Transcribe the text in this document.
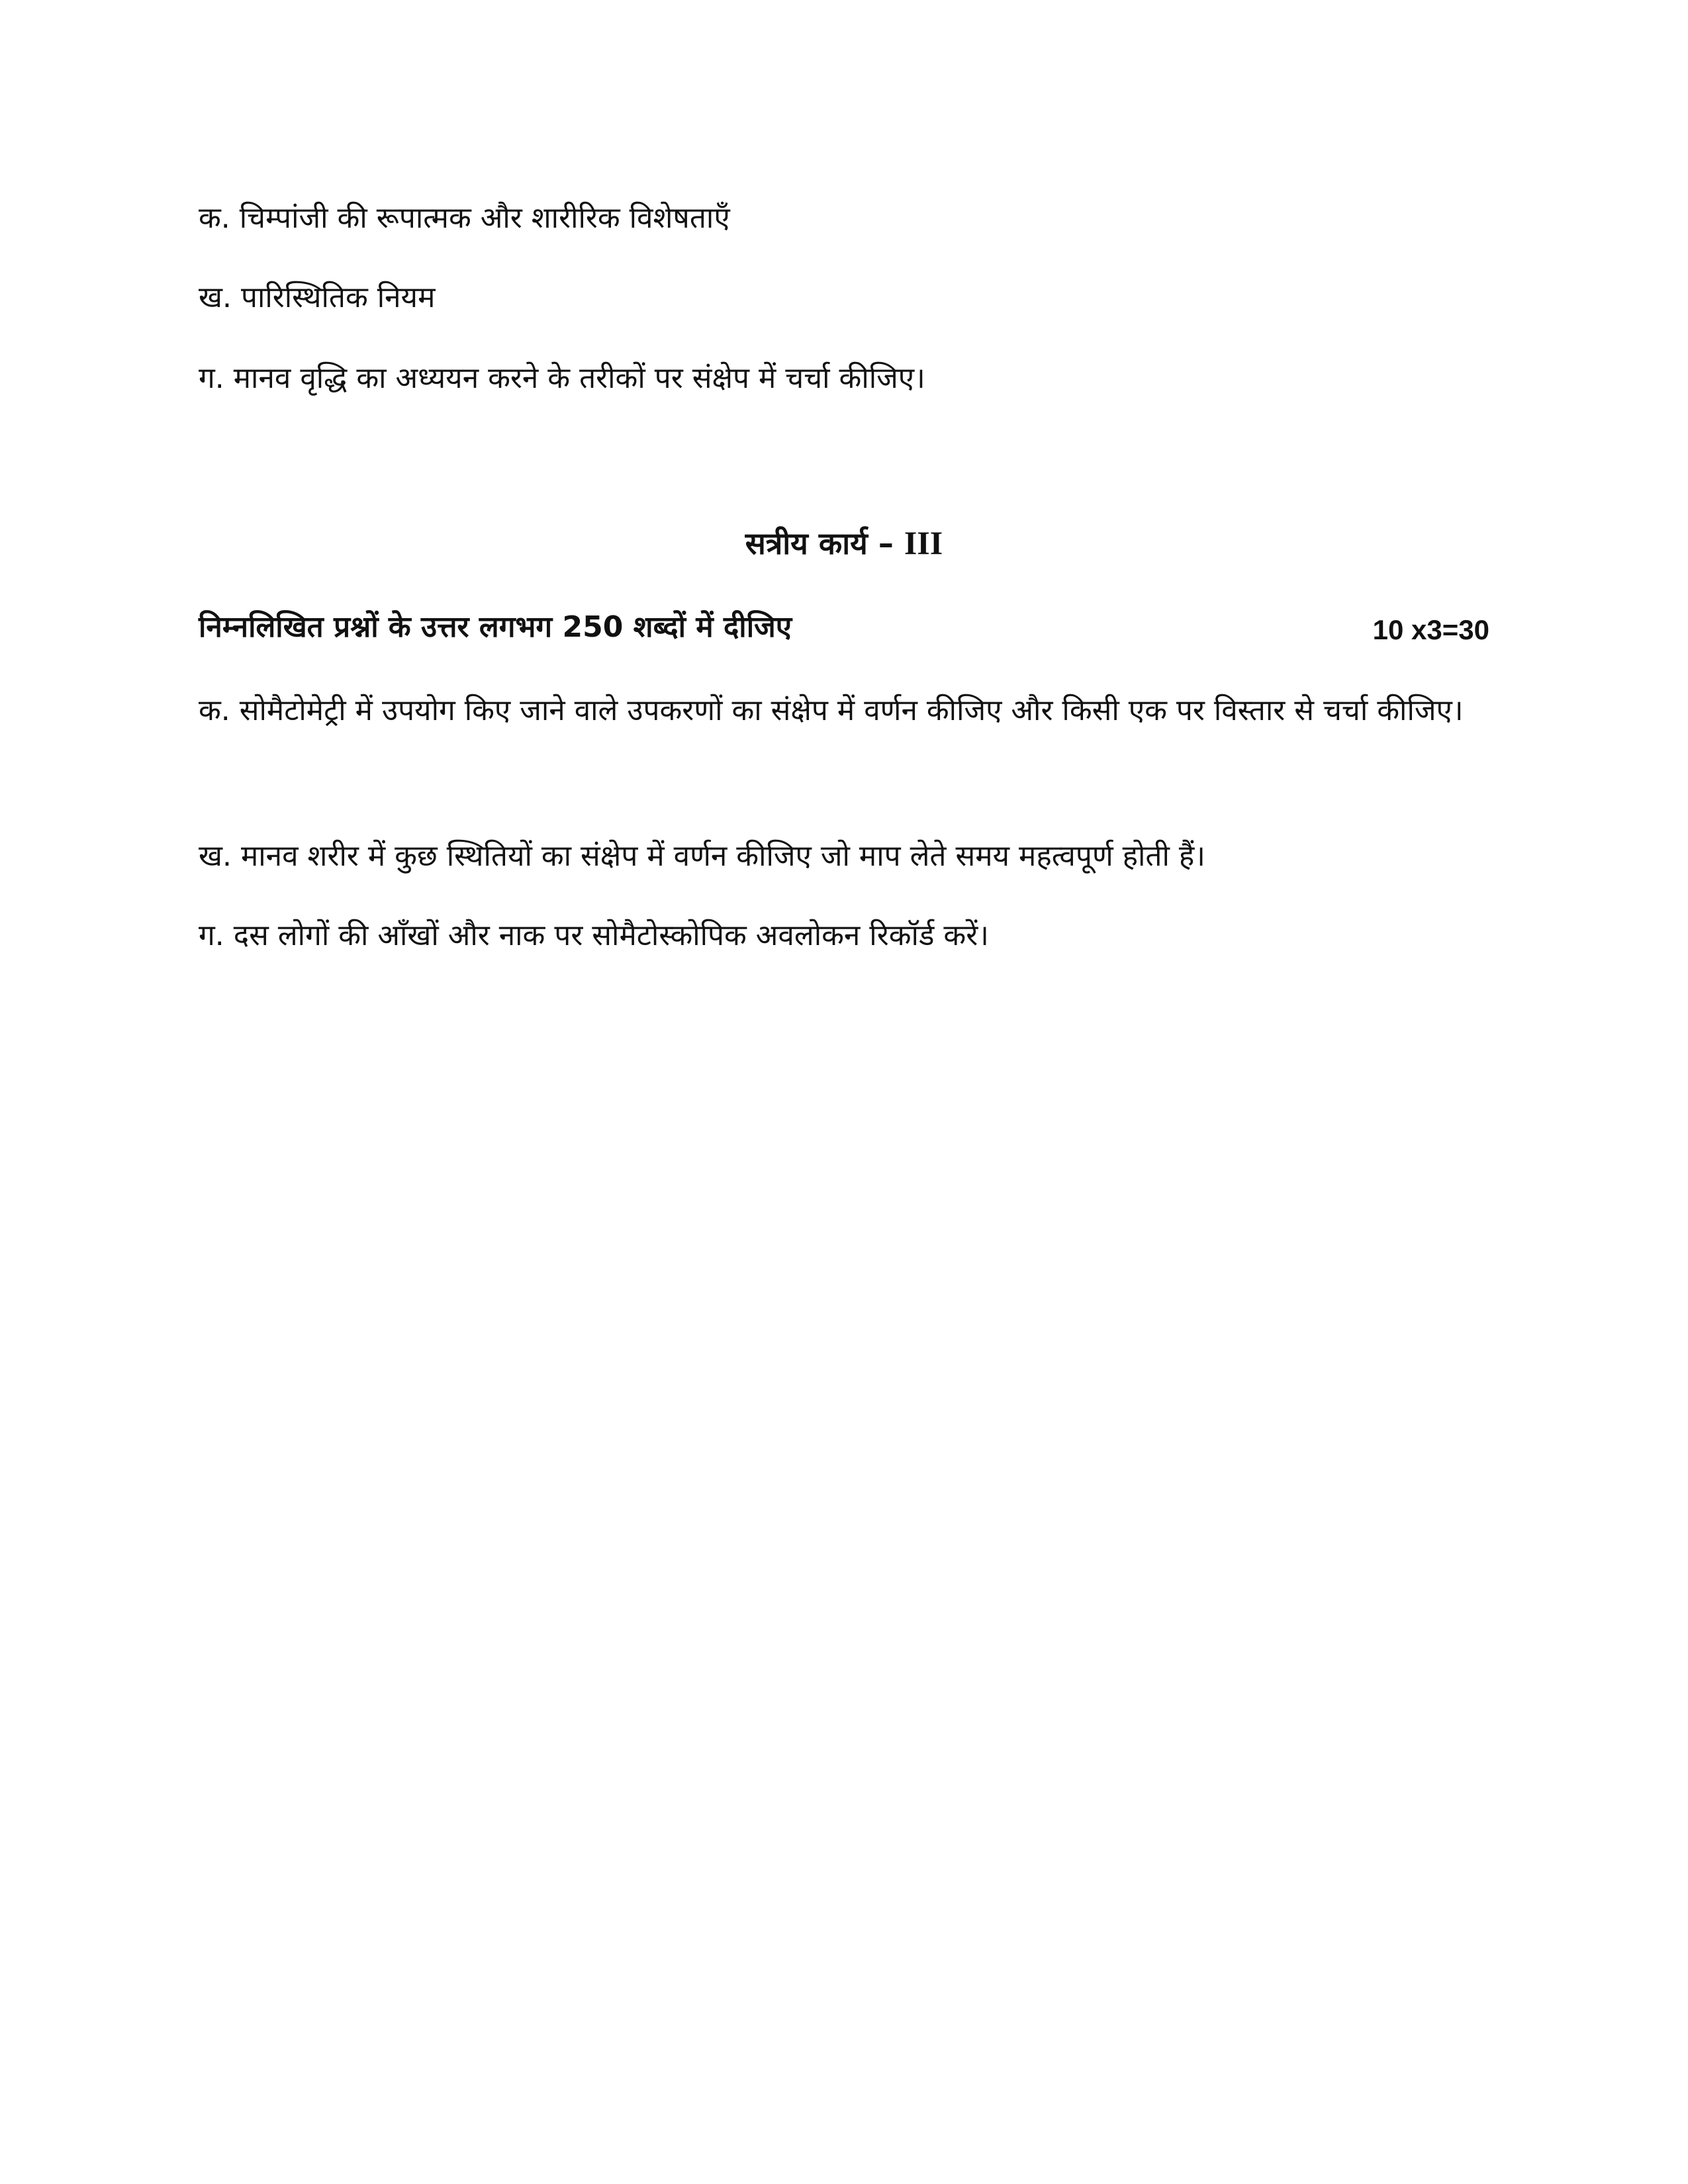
क. चिम्पांजी की रूपात्मक और शारीरिक विशेषताएँ
ख. पारिस्थितिक नियम
ग. मानव वृद्धि का अध्ययन करने के तरीकों पर संक्षेप में चर्चा कीजिए।
सत्रीय कार्य – III
निम्नलिखित प्रश्नों के उत्तर लगभग 250 शब्दों में दीजिए	10 x3=30
क. सोमैटोमेट्री में उपयोग किए जाने वाले उपकरणों का संक्षेप में वर्णन कीजिए और किसी एक पर विस्तार से चर्चा कीजिए।
ख. मानव शरीर में कुछ स्थितियों का संक्षेप में वर्णन कीजिए जो माप लेते समय महत्वपूर्ण होती हैं।
ग. दस लोगों की आँखों और नाक पर सोमैटोस्कोपिक अवलोकन रिकॉर्ड करें।
